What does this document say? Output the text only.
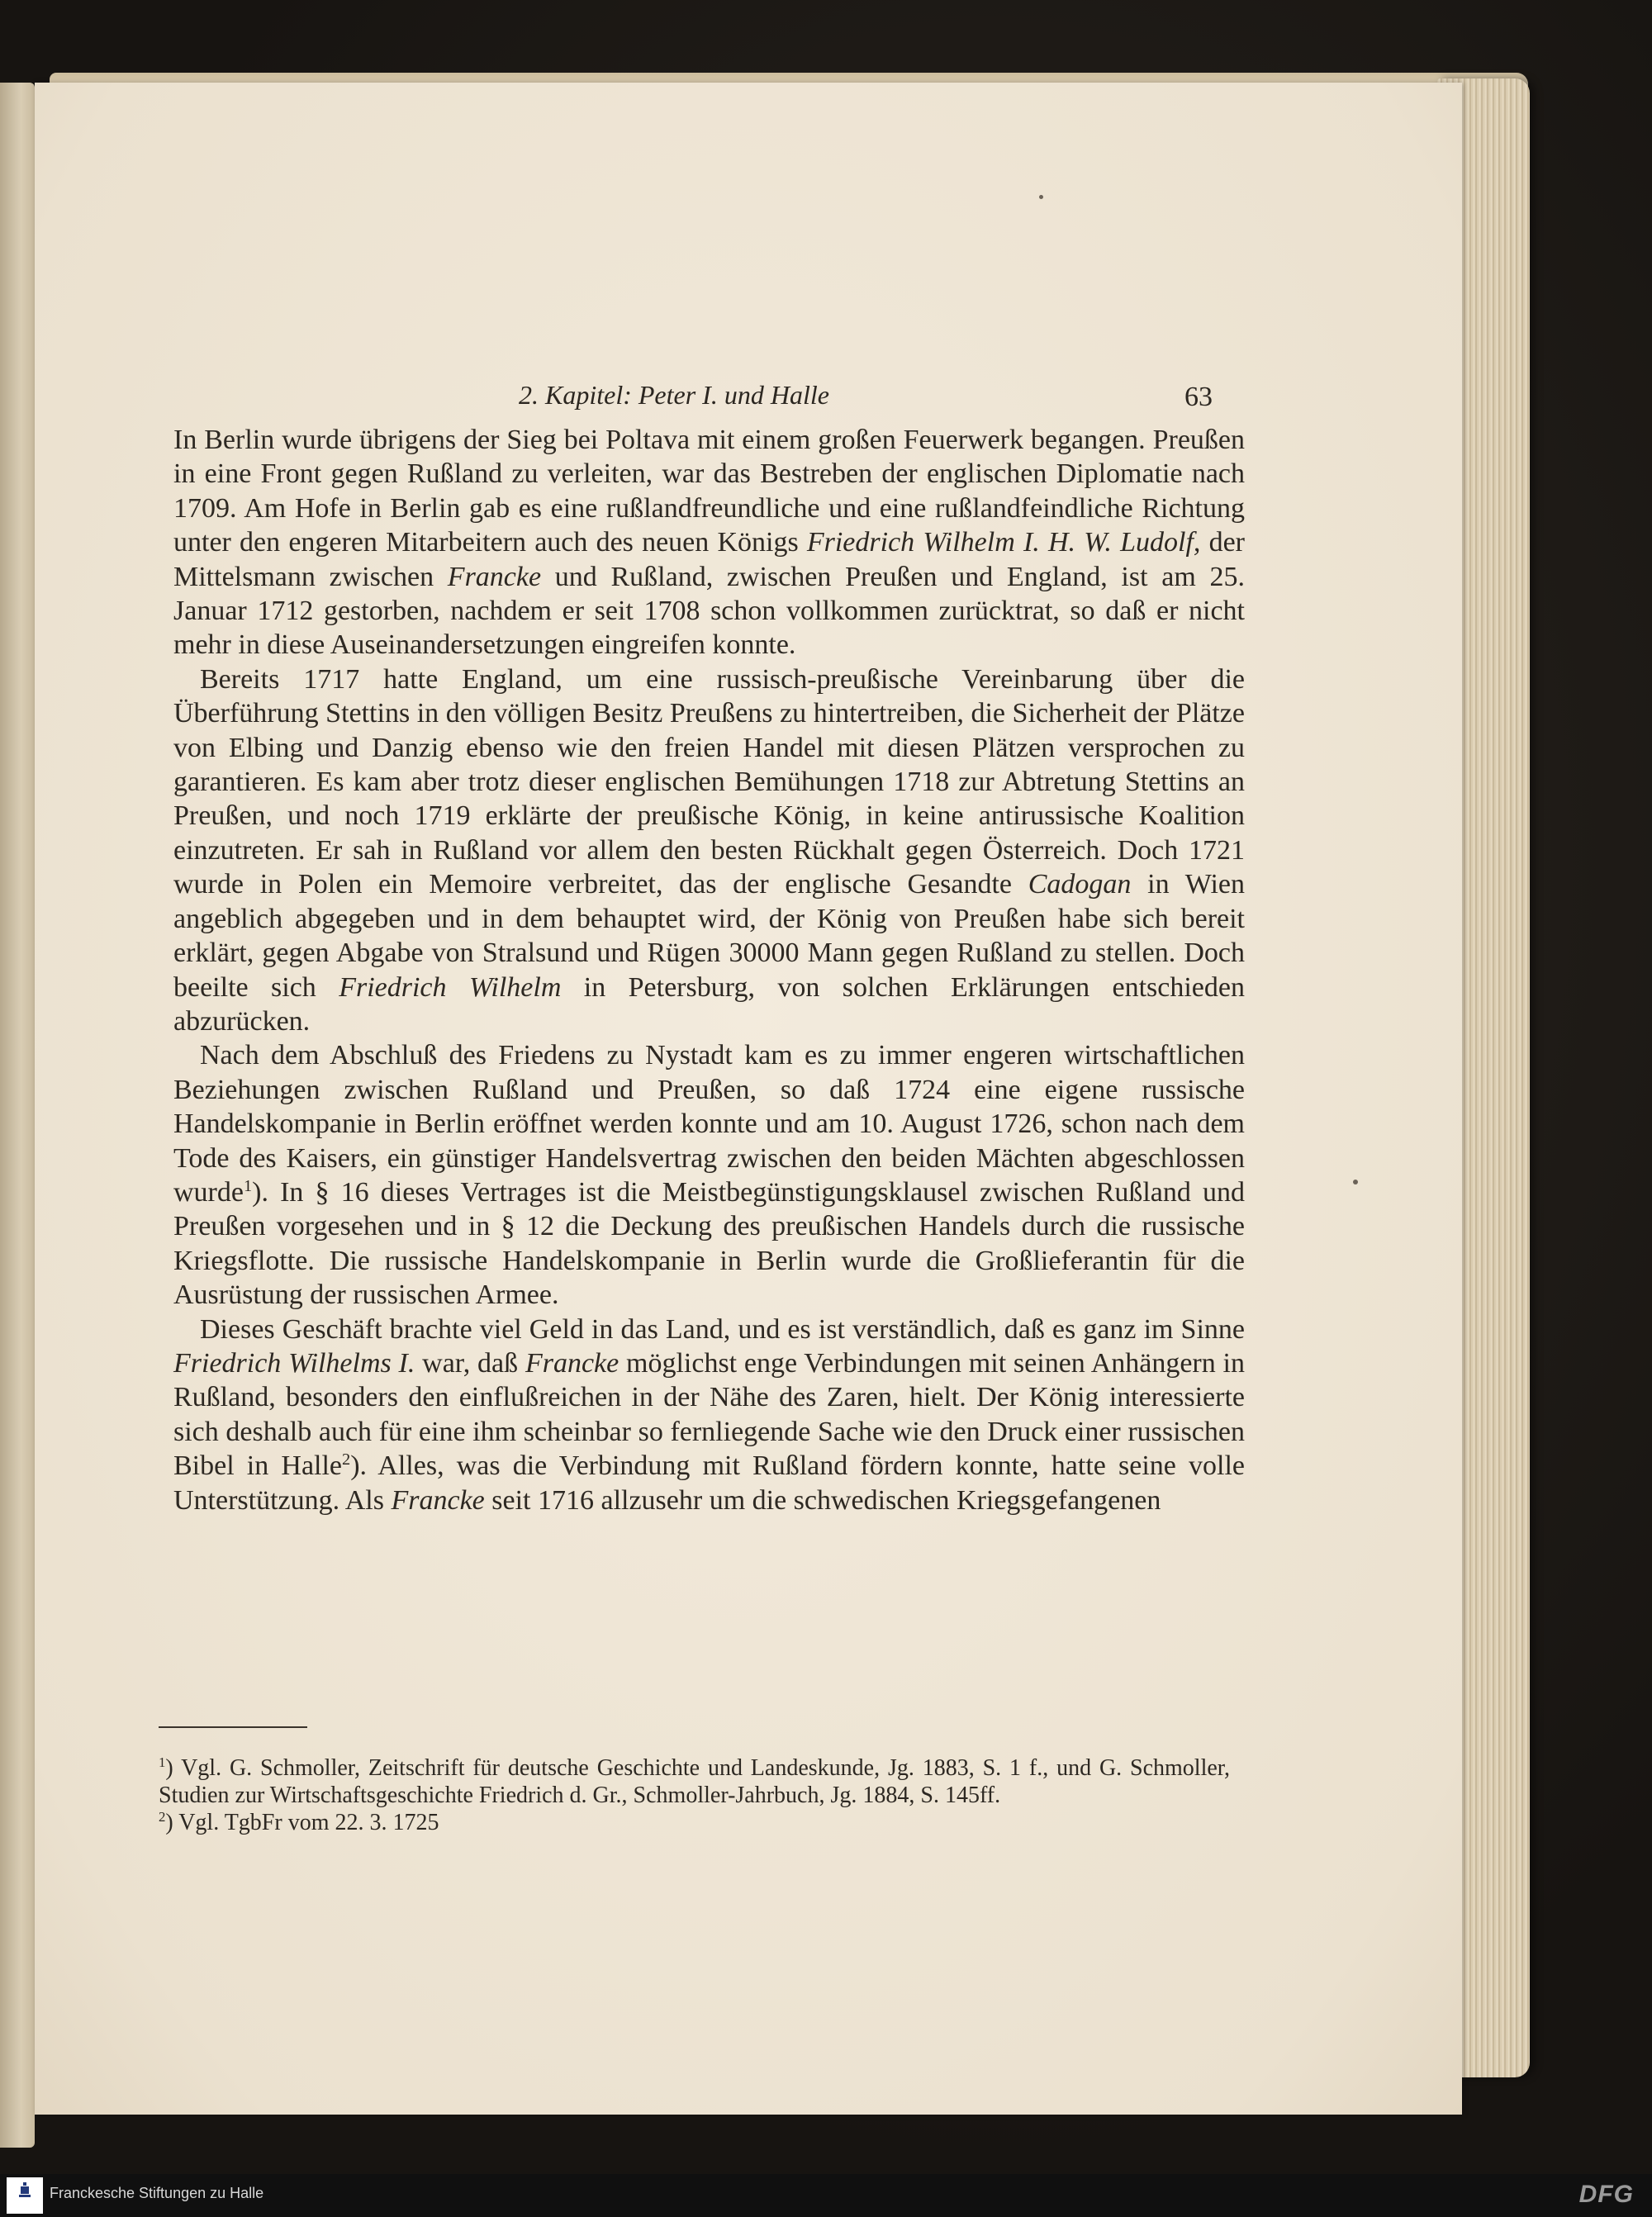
2. Kapitel: Peter I. und Halle	63

In Berlin wurde übrigens der Sieg bei Poltava mit einem großen Feuerwerk begangen. Preußen in eine Front gegen Rußland zu verleiten, war das Bestreben der englischen Diplomatie nach 1709. Am Hofe in Berlin gab es eine rußlandfreundliche und eine rußlandfeindliche Richtung unter den engeren Mitarbeitern auch des neuen Königs Friedrich Wilhelm I. H. W. Ludolf, der Mittelsmann zwischen Francke und Rußland, zwischen Preußen und England, ist am 25. Januar 1712 gestorben, nachdem er seit 1708 schon vollkommen zurücktrat, so daß er nicht mehr in diese Auseinandersetzungen eingreifen konnte.

Bereits 1717 hatte England, um eine russisch-preußische Vereinbarung über die Überführung Stettins in den völligen Besitz Preußens zu hintertreiben, die Sicherheit der Plätze von Elbing und Danzig ebenso wie den freien Handel mit diesen Plätzen versprochen zu garantieren. Es kam aber trotz dieser englischen Bemühungen 1718 zur Abtretung Stettins an Preußen, und noch 1719 erklärte der preußische König, in keine antirussische Koalition einzutreten. Er sah in Rußland vor allem den besten Rückhalt gegen Österreich. Doch 1721 wurde in Polen ein Memoire verbreitet, das der englische Gesandte Cadogan in Wien angeblich abgegeben und in dem behauptet wird, der König von Preußen habe sich bereit erklärt, gegen Abgabe von Stralsund und Rügen 30000 Mann gegen Rußland zu stellen. Doch beeilte sich Friedrich Wilhelm in Petersburg, von solchen Erklärungen entschieden abzurücken.

Nach dem Abschluß des Friedens zu Nystadt kam es zu immer engeren wirtschaftlichen Beziehungen zwischen Rußland und Preußen, so daß 1724 eine eigene russische Handelskompanie in Berlin eröffnet werden konnte und am 10. August 1726, schon nach dem Tode des Kaisers, ein günstiger Handelsvertrag zwischen den beiden Mächten abgeschlossen wurde$^1$). In § 16 dieses Vertrages ist die Meistbegünstigungsklausel zwischen Rußland und Preußen vorgesehen und in § 12 die Deckung des preußischen Handels durch die russische Kriegsflotte. Die russische Handelskompanie in Berlin wurde die Großlieferantin für die Ausrüstung der russischen Armee.

Dieses Geschäft brachte viel Geld in das Land, und es ist verständlich, daß es ganz im Sinne Friedrich Wilhelms I. war, daß Francke möglichst enge Verbindungen mit seinen Anhängern in Rußland, besonders den einflußreichen in der Nähe des Zaren, hielt. Der König interessierte sich deshalb auch für eine ihm scheinbar so fernliegende Sache wie den Druck einer russischen Bibel in Halle$^2$). Alles, was die Verbindung mit Rußland fördern konnte, hatte seine volle Unterstützung. Als Francke seit 1716 allzusehr um die schwedischen Kriegsgefangenen

$^1$) Vgl. G. Schmoller, Zeitschrift für deutsche Geschichte und Landeskunde, Jg. 1883, S. 1 f., und G. Schmoller, Studien zur Wirtschaftsgeschichte Friedrich d. Gr., Schmoller-Jahrbuch, Jg. 1884, S. 145ff.

$^2$) Vgl. TgbFr vom 22. 3. 1725

Franckesche Stiftungen zu Halle	DFG
